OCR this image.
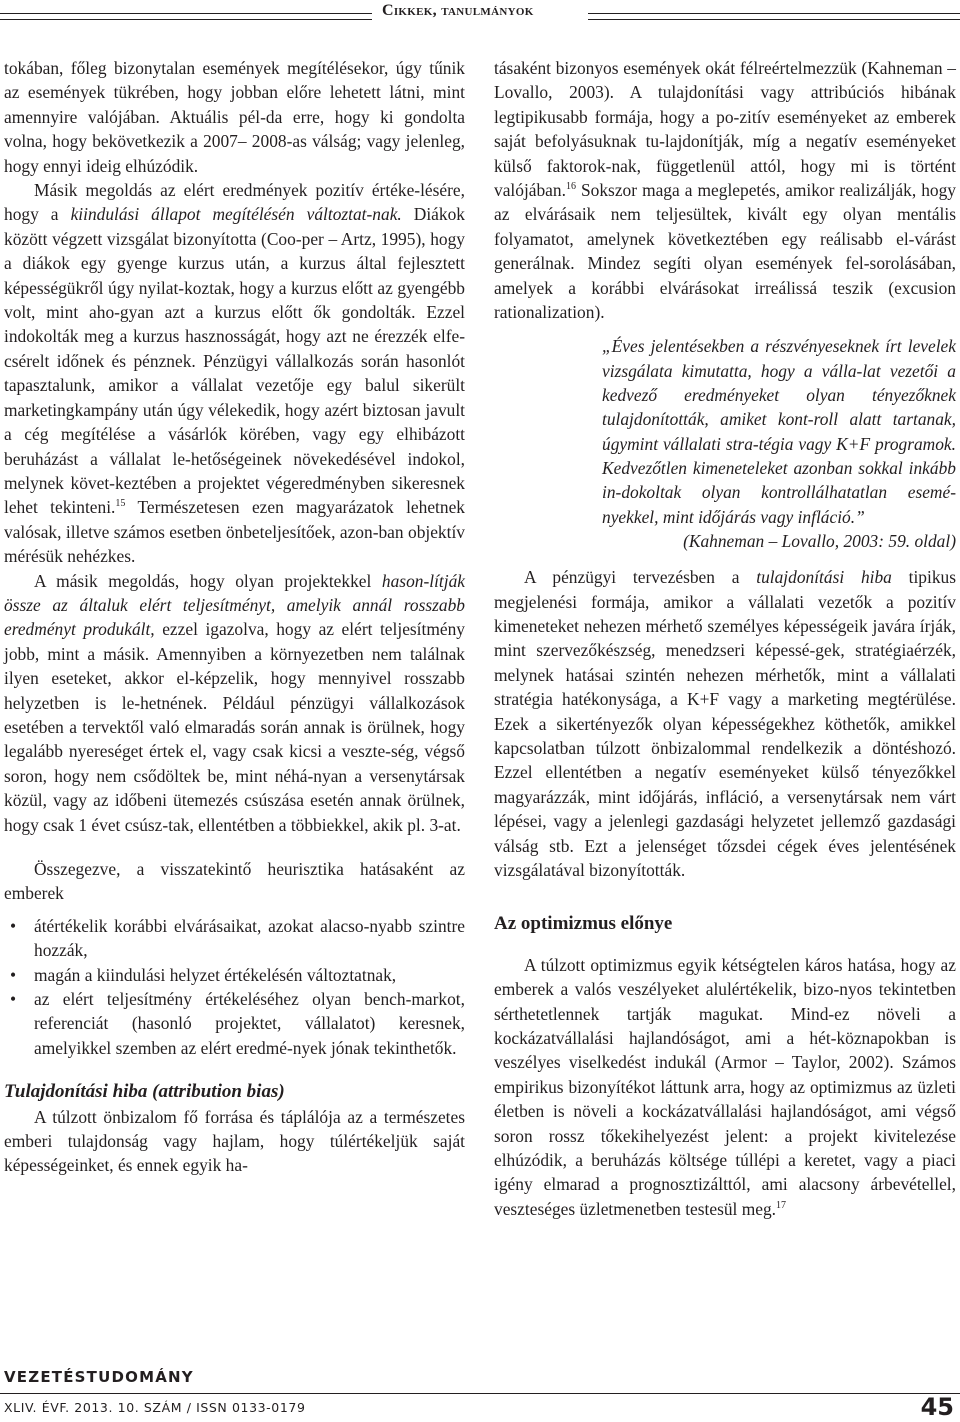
Cikkek, tanulmányok

tokában, főleg bizonytalan események megítélésekor, úgy tűnik az események tükrében, hogy jobban előre lehetett látni, mint amennyire valójában. Aktuális pél-da erre, hogy ki gondolta volna, hogy bekövetkezik a 2007– 2008-as válság; vagy jelenleg, hogy ennyi ideig elhúzódik.

Másik megoldás az elért eredmények pozitív értéke-lésére, hogy a kiindulási állapot megítélésén változtat-nak. Diákok között végzett vizsgálat bizonyította (Coo-per – Artz, 1995), hogy a diákok egy gyenge kurzus után, a kurzus által fejlesztett képességükről úgy nyilat-koztak, hogy a kurzus előtt az gyengébb volt, mint aho-gyan azt a kurzus előtt ők gondolták. Ezzel indokolták meg a kurzus hasznosságát, hogy azt ne érezzék elfe-csérelt időnek és pénznek. Pénzügyi vállalkozás során hasonlót tapasztalunk, amikor a vállalat vezetője egy balul sikerült marketingkampány után úgy vélekedik, hogy azért biztosan javult a cég megítélése a vásárlók körében, vagy egy elhibázott beruházást a vállalat le-hetőségeinek növekedésével indokol, melynek követ-keztében a projektet végeredményben sikeresnek lehet tekinteni.$^{15}$ Természetesen ezen magyarázatok lehetnek valósak, illetve számos esetben önbeteljesítőek, azon-ban objektív mérésük nehézkes.

A másik megoldás, hogy olyan projektekkel hason-lítják össze az általuk elért teljesítményt, amelyik annál rosszabb eredményt produkált, ezzel igazolva, hogy az elért teljesítmény jobb, mint a másik. Amennyiben a környezetben nem találnak ilyen eseteket, akkor el-képzelik, hogy mennyivel rosszabb helyzetben is le-hetnének. Például pénzügyi vállalkozások esetében a tervektől való elmaradás során annak is örülnek, hogy legalább nyereséget értek el, vagy csak kicsi a veszte-ség, végső soron, hogy nem csődöltek be, mint néhá-nyan a versenytársak közül, vagy az időbeni ütemezés csúszása esetén annak örülnek, hogy csak 1 évet csúsz-tak, ellentétben a többiekkel, akik pl. 3-at.

Összegezve, a visszatekintő heurisztika hatásaként az emberek

• átértékelik korábbi elvárásaikat, azokat alacso-nyabb szintre hozzák,
• magán a kiindulási helyzet értékelésén változtatnak,
• az elért teljesítmény értékeléséhez olyan bench-markot, referenciát (hasonló projektet, vállalatot) keresnek, amelyikkel szemben az elért eredmé-nyek jónak tekinthetők.
Tulajdonítási hiba (attribution bias)

A túlzott önbizalom fő forrása és táplálója az a természetes emberi tulajdonság vagy hajlam, hogy túlértékeljük saját képességeinket, és ennek egyik ha-

tásaként bizonyos események okát félreértelmezzük (Kahneman – Lovallo, 2003). A tulajdonítási vagy attribúciós hibának legtipikusabb formája, hogy a po-zitív eseményeket az emberek saját befolyásuknak tu-lajdonítják, míg a negatív eseményeket külső faktorok-nak, függetlenül attól, hogy mi is történt valójában.$^{16}$ Sokszor maga a meglepetés, amikor realizálják, hogy az elvárásaik nem teljesültek, kivált egy olyan mentális folyamatot, amelynek következtében egy reálisabb el-várást generálnak. Mindez segíti olyan események fel-sorolásában, amelyek a korábbi elvárásokat irreálissá teszik (excusion rationalization).

„Éves jelentésekben a részvényeseknek írt levelek vizsgálata kimutatta, hogy a válla-lat vezetői a kedvező eredményeket olyan tényezőknek tulajdonították, amiket kont-roll alatt tartanak, úgymint vállalati stra-tégia vagy K+F programok. Kedvezőtlen kimeneteleket azonban sokkal inkább in-dokoltak olyan kontrollálhatatlan esemé-nyekkel, mint időjárás vagy infláció.”
(Kahneman – Lovallo, 2003: 59. oldal)

A pénzügyi tervezésben a tulajdonítási hiba tipikus megjelenési formája, amikor a vállalati vezetők a pozitív kimeneteket nehezen mérhető személyes képességeik javára írják, mint szervezőkészség, menedzseri képessé-gek, stratégiaérzék, melynek hatásai szintén nehezen mérhetők, mint a vállalati stratégia hatékonysága, a K+F vagy a marketing megtérülése. Ezek a sikertényezők olyan képességekhez köthetők, amikkel kapcsolatban túlzott önbizalommal rendelkezik a döntéshozó. Ezzel ellentétben a negatív eseményeket külső tényezőkkel magyarázzák, mint időjárás, infláció, a versenytársak nem várt lépései, vagy a jelenlegi gazdasági helyzetet jellemző gazdasági válság stb. Ezt a jelenséget tőzsdei cégek éves jelentésének vizsgálatával bizonyították.

Az optimizmus előnye

A túlzott optimizmus egyik kétségtelen káros hatása, hogy az emberek a valós veszélyeket alulértékelik, bizo-nyos tekintetben sérthetetlennek tartják magukat. Mind-ez növeli a kockázatvállalási hajlandóságot, ami a hét-köznapokban is veszélyes viselkedést indukál (Armor – Taylor, 2002). Számos empirikus bizonyítékot láttunk arra, hogy az optimizmus az üzleti életben is növeli a kockázatvállalási hajlandóságot, ami végső soron rossz tőkekihelyezést jelent: a projekt kivitelezése elhúzódik, a beruházás költsége túllépi a keretet, vagy a piaci igény elmarad a prognosztizálttól, ami alacsony árbevétellel, veszteséges üzletmenetben testesül meg.$^{17}$

VEZETÉSTUDOMÁNY
XLIV. ÉVF. 2013. 10. SZÁM / ISSN 0133-0179	45
